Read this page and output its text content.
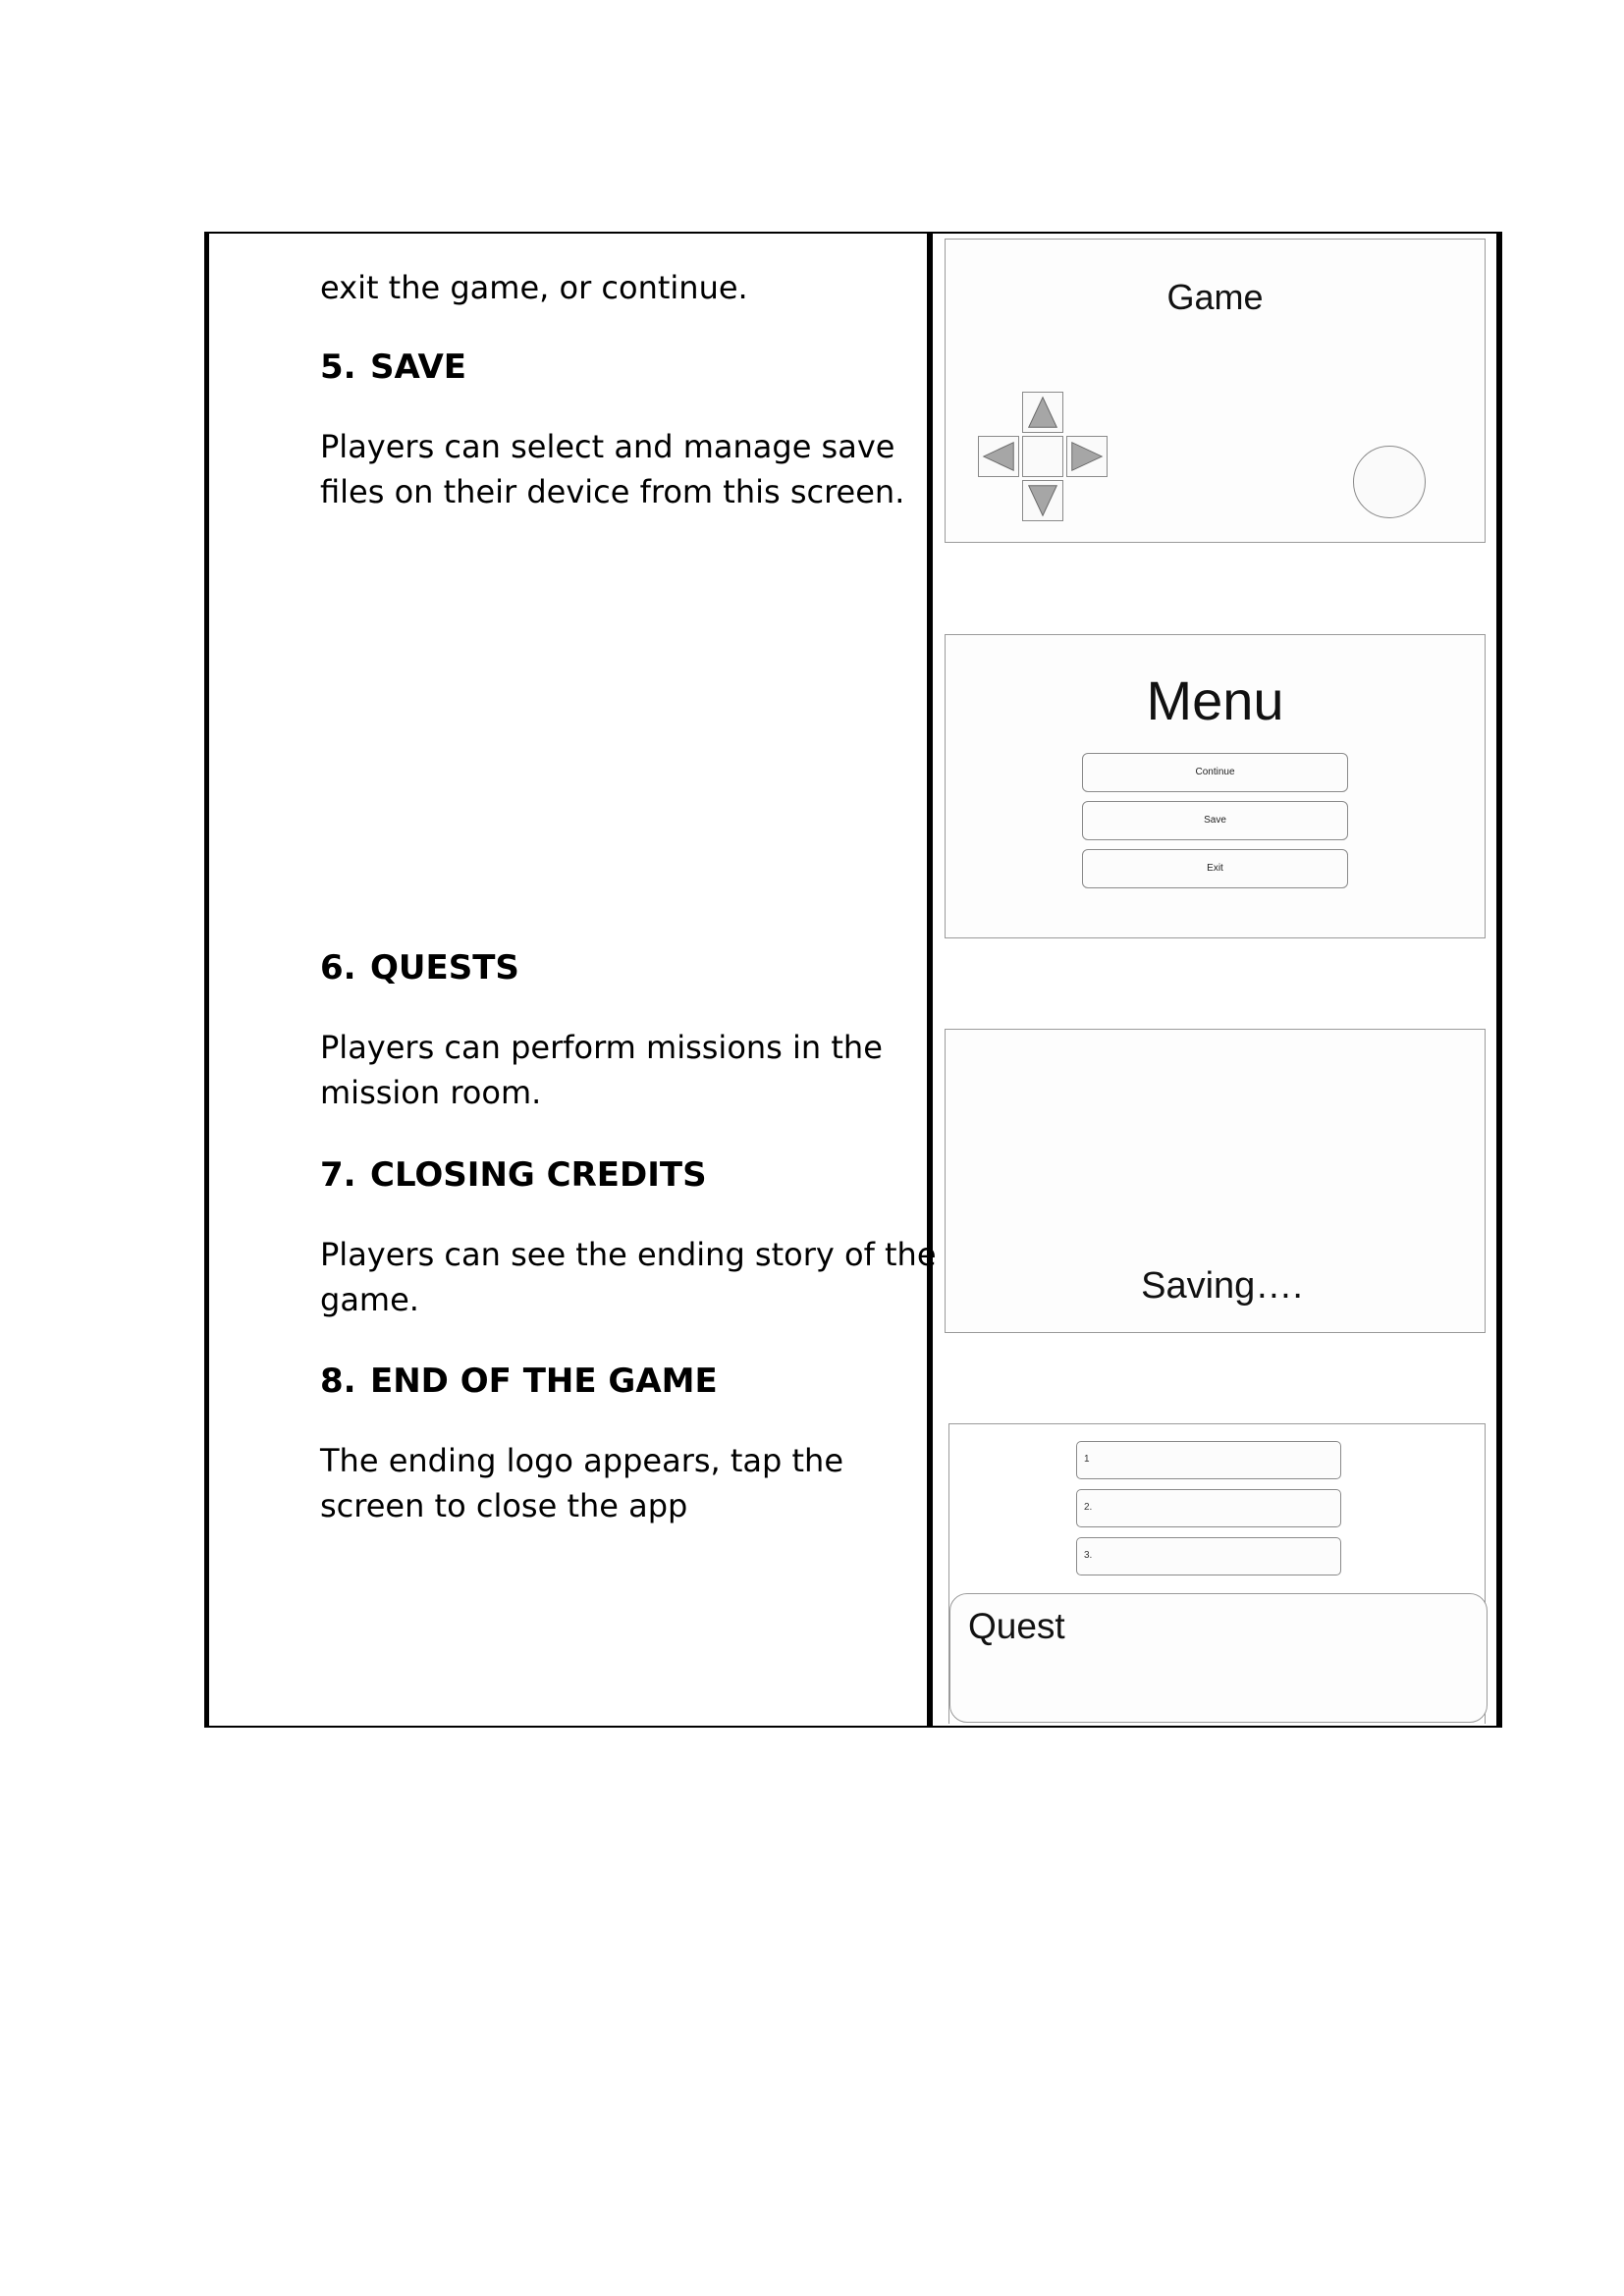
exit the game, or continue.
5. SAVE
Players can select and manage save
files on their device from this screen.
6. QUESTS
Players can perform missions in the
mission room.
7. CLOSING CREDITS
Players can see the ending story of the
game.
8. END OF THE GAME
The ending logo appears, tap the
screen to close the app
Game
Menu
Continue
Save
Exit
Saving….
1
2.
3.
Quest
